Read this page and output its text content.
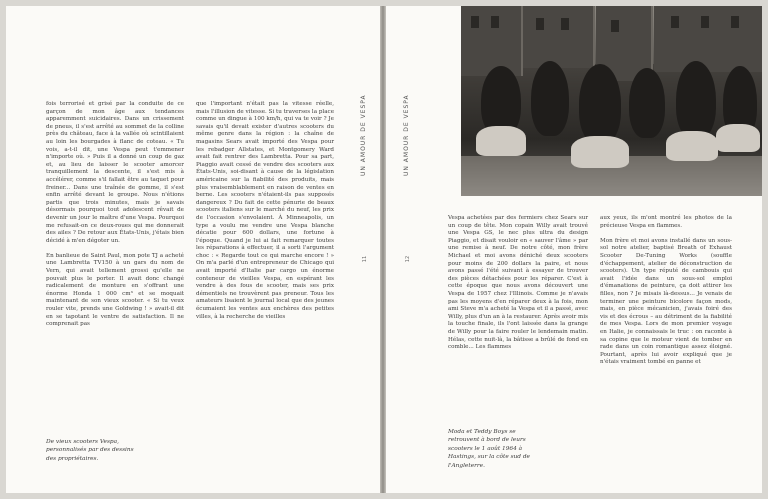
fois terrorisé et grisé par la conduite de ce garçon de mon âge aux tendances apparemment suicidaires. Dans un crissement de pneus, il s'est arrêté au sommet de la colline près du château, face à la vallée où scintillaient au loin les bourgades à flanc de coteau. « Tu vois, a-t-il dit, une Vespa peut t'emmener n'importe où. » Puis il a donné un coup de gaz et, au lieu de laisser le scooter amorcer tranquillement la descente, il s'est mis à accélérer, comme s'il fallait être au taquet pour freiner... Dans une traînée de gomme, il s'est enfin arrêté devant le groupe. Nous n'étions partis que trois minutes, mais je savais désormais pourquoi tout adolescent rêvait de devenir un jour le maître d'une Vespa. Pourquoi me refusait-on ce deux-roues qui me donnerait des ailes ? De retour aux États-Unis, j'étais bien décidé à m'en dégoter un.

En banlieue de Saint Paul, mon pote TJ a acheté une Lambretta TV150 à un gars du nom de Vern, qui avait tellement grossi qu'elle ne pouvait plus le porter. Il avait donc changé radicalement de monture en s'offrant une énorme Honda 1 000 cm³ et se moquait maintenant de son vieux scooter. « Si tu veux rouler vite, prends une Goldwing ! » avait-il dit en se tapotant le ventre de satisfaction. Il ne comprenait pas
que l'important n'était pas la vitesse réelle, mais l'illusion de vitesse. Si tu traverses la place comme un dingue à 100 km/h, qui va te voir ? Je savais qu'il devait exister d'autres scooters du même genre dans la région : la chaîne de magasins Sears avait importé des Vespa pour les rebadger Allstates, et Montgomery Ward avait fait rentrer des Lambretta. Pour sa part, Piaggio avait cessé de vendre des scooters aux États-Unis, soi-disant à cause de la législation américaine sur la fiabilité des produits, mais plus vraisemblablement en raison de ventes en berne. Les scooters n'étaient-ils pas supposés dangereux ? Du fait de cette pénurie de beaux scooters italiens sur le marché du neuf, les prix de l'occasion s'envolaient. À Minneapolis, un type a voulu me vendre une Vespa blanche décatie pour 600 dollars, une fortune à l'époque. Quand je lui ai fait remarquer toutes les réparations à effectuer, il a sorti l'argument choc : « Regarde tout ce qui marche encore ! » On m'a parlé d'un entrepreneur de Chicago qui avait importé d'Italie par cargo un énorme conteneur de vieilles Vespa, en espérant les vendre à des fous de scooter, mais ses prix démentiels ne trouvèrent pas preneur. Tous les amateurs lisaient le journal local que des jeunes écumaient les ventes aux enchères des petites villes, à la recherche de vieilles
De vieux scooters Vespa, personnalisés par des dessins des propriétaires.
UN AMOUR DE VESPA
11
UN AMOUR DE VESPA
12
Vespa achetées par des fermiers chez Sears sur un coup de tête. Mon copain Willy avait trouvé une Vespa GS, le nec plus ultra du design Piaggio, et disait vouloir en « sauver l'âme » par une remise à neuf. De notre côté, mon frère Michael et moi avons déniché deux scooters pour moins de 200 dollars la paire, et nous avons passé l'été suivant à essayer de trouver des pièces détachées pour les réparer. C'est à cette époque que nous avons découvert une Vespa de 1957 chez l'Illinois. Comme je n'avais pas les moyens d'en réparer deux à la fois, mon ami Steve m'a acheté la Vespa et il a passé, avec Willy, plus d'un an à la restaurer. Après avoir mis la touche finale, ils l'ont laissée dans la grange de Willy pour la faire rouler le lendemain matin. Hélas, cette nuit-là, la bâtisse a brûlé de fond en comble... Les flammes
aux yeux, ils m'ont montré les photos de la précieuse Vespa en flammes.

Mon frère et moi avons installé dans un sous-sol notre atelier, baptisé Breath of Exhaust Scooter De-Tuning Works (souffle d'échappement, atelier de déconstruction de scooters). Un type réputé de cambouis qui avait l'idée dans un sous-sol emploi d'émanations de peinture, ça doit attirer les filles, non ? Je misais là-dessus... Je venais de terminer une peinture bicolore façon mods, mais, en pièce mécanicien, j'avais foiré des vis et des écrous – au détriment de la fiabilité de mes Vespa. Lors de mon premier voyage en Italie, je connaissais le truc : on raconte à sa copine que le moteur vient de tomber en rade dans un coin romantique assez éloigné. Pourtant, après lui avoir expliqué que je n'étais vraiment tombé en panne et
Moda et Teddy Boys se retrouvent à bord de leurs scooters le 1 août 1964 à Hastings, sur la côte sud de l'Angleterre.
